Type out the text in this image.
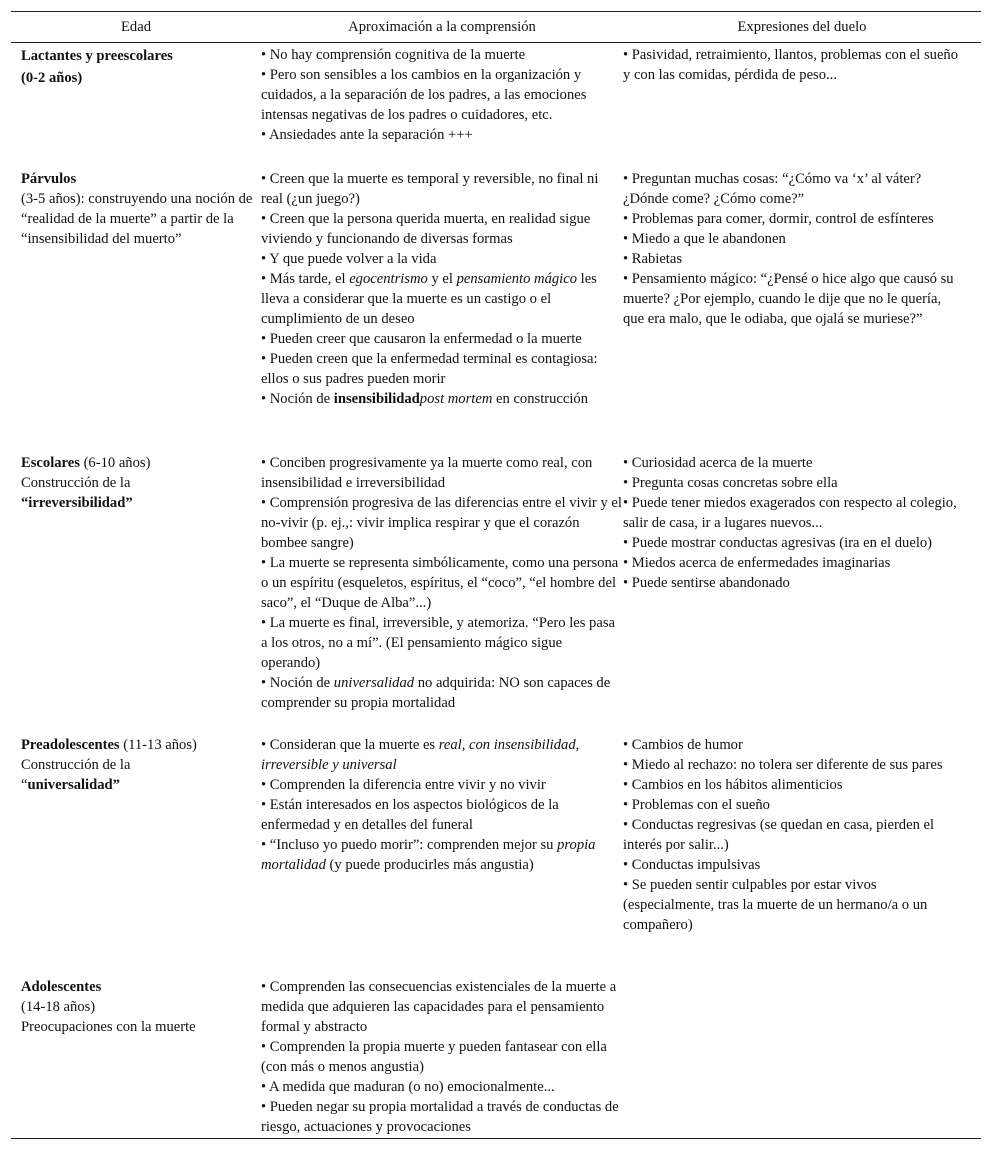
Edad	Aproximación a la comprensión	Expresiones del duelo

Lactantes y preescolares

(0-2 años)

• No hay comprensión cognitiva de la muerte

• Pero son sensibles a los cambios en la organización y cuidados, a la separación de los padres, a las emociones intensas negativas de los padres o cuidadores, etc.

• Ansiedades ante la separación +++

• Pasividad, retraimiento, llantos, problemas con el sueño y con las comidas, pérdida de peso...

Párvulos

(3-5 años): construyendo una noción de “realidad de la muerte” a partir de la “insensibilidad del muerto”

• Creen que la muerte es temporal y reversible, no final ni real (¿un juego?)

• Creen que la persona querida muerta, en realidad sigue viviendo y funcionando de diversas formas

• Y que puede volver a la vida

• Más tarde, el egocentrismo y el pensamiento mágico les lleva a considerar que la muerte es un castigo o el cumplimiento de un deseo

• Pueden creer que causaron la enfermedad o la muerte

• Pueden creen que la enfermedad terminal es contagiosa: ellos o sus padres pueden morir

• Noción de insensibilidadpost mortem en construcción

• Preguntan muchas cosas: “¿Cómo va ‘x’ al váter? ¿Dónde come? ¿Cómo come?”

• Problemas para comer, dormir, control de esfínteres

• Miedo a que le abandonen

• Rabietas

• Pensamiento mágico: “¿Pensé o hice algo que causó su muerte? ¿Por ejemplo, cuando le dije que no le quería, que era malo, que le odiaba, que ojalá se muriese?”

Escolares (6-10 años)

Construcción de la

“irreversibilidad”

• Conciben progresivamente ya la muerte como real, con insensibilidad e irreversibilidad

• Comprensión progresiva de las diferencias entre el vivir y el no-vivir (p. ej.,: vivir implica respirar y que el corazón bombee sangre)

• La muerte se representa simbólicamente, como una persona o un espíritu (esqueletos, espíritus, el “coco”, “el hombre del saco”, el “Duque de Alba”...)

• La muerte es final, irreversible, y atemoriza. “Pero les pasa a los otros, no a mí”. (El pensamiento mágico sigue operando)

• Noción de universalidad no adquirida: NO son capaces de comprender su propia mortalidad

• Curiosidad acerca de la muerte

• Pregunta cosas concretas sobre ella

• Puede tener miedos exagerados con respecto al colegio, salir de casa, ir a lugares nuevos...

• Puede mostrar conductas agresivas (ira en el duelo)

• Miedos acerca de enfermedades imaginarias

• Puede sentirse abandonado

Preadolescentes (11-13 años)

Construcción de la

“universalidad”

• Consideran que la muerte es real, con insensibilidad, irreversible y universal

• Comprenden la diferencia entre vivir y no vivir

• Están interesados en los aspectos biológicos de la enfermedad y en detalles del funeral

• “Incluso yo puedo morir”: comprenden mejor su propia mortalidad (y puede producirles más angustia)

• Cambios de humor

• Miedo al rechazo: no tolera ser diferente de sus pares

• Cambios en los hábitos alimenticios

• Problemas con el sueño

• Conductas regresivas (se quedan en casa, pierden el interés por salir...)

• Conductas impulsivas

• Se pueden sentir culpables por estar vivos (especialmente, tras la muerte de un hermano/a o un compañero)

Adolescentes

(14-18 años)

Preocupaciones con la muerte

• Comprenden las consecuencias existenciales de la muerte a medida que adquieren las capacidades para el pensamiento formal y abstracto

• Comprenden la propia muerte y pueden fantasear con ella (con más o menos angustia)

• A medida que maduran (o no) emocionalmente...

• Pueden negar su propia mortalidad a través de conductas de riesgo, actuaciones y provocaciones
